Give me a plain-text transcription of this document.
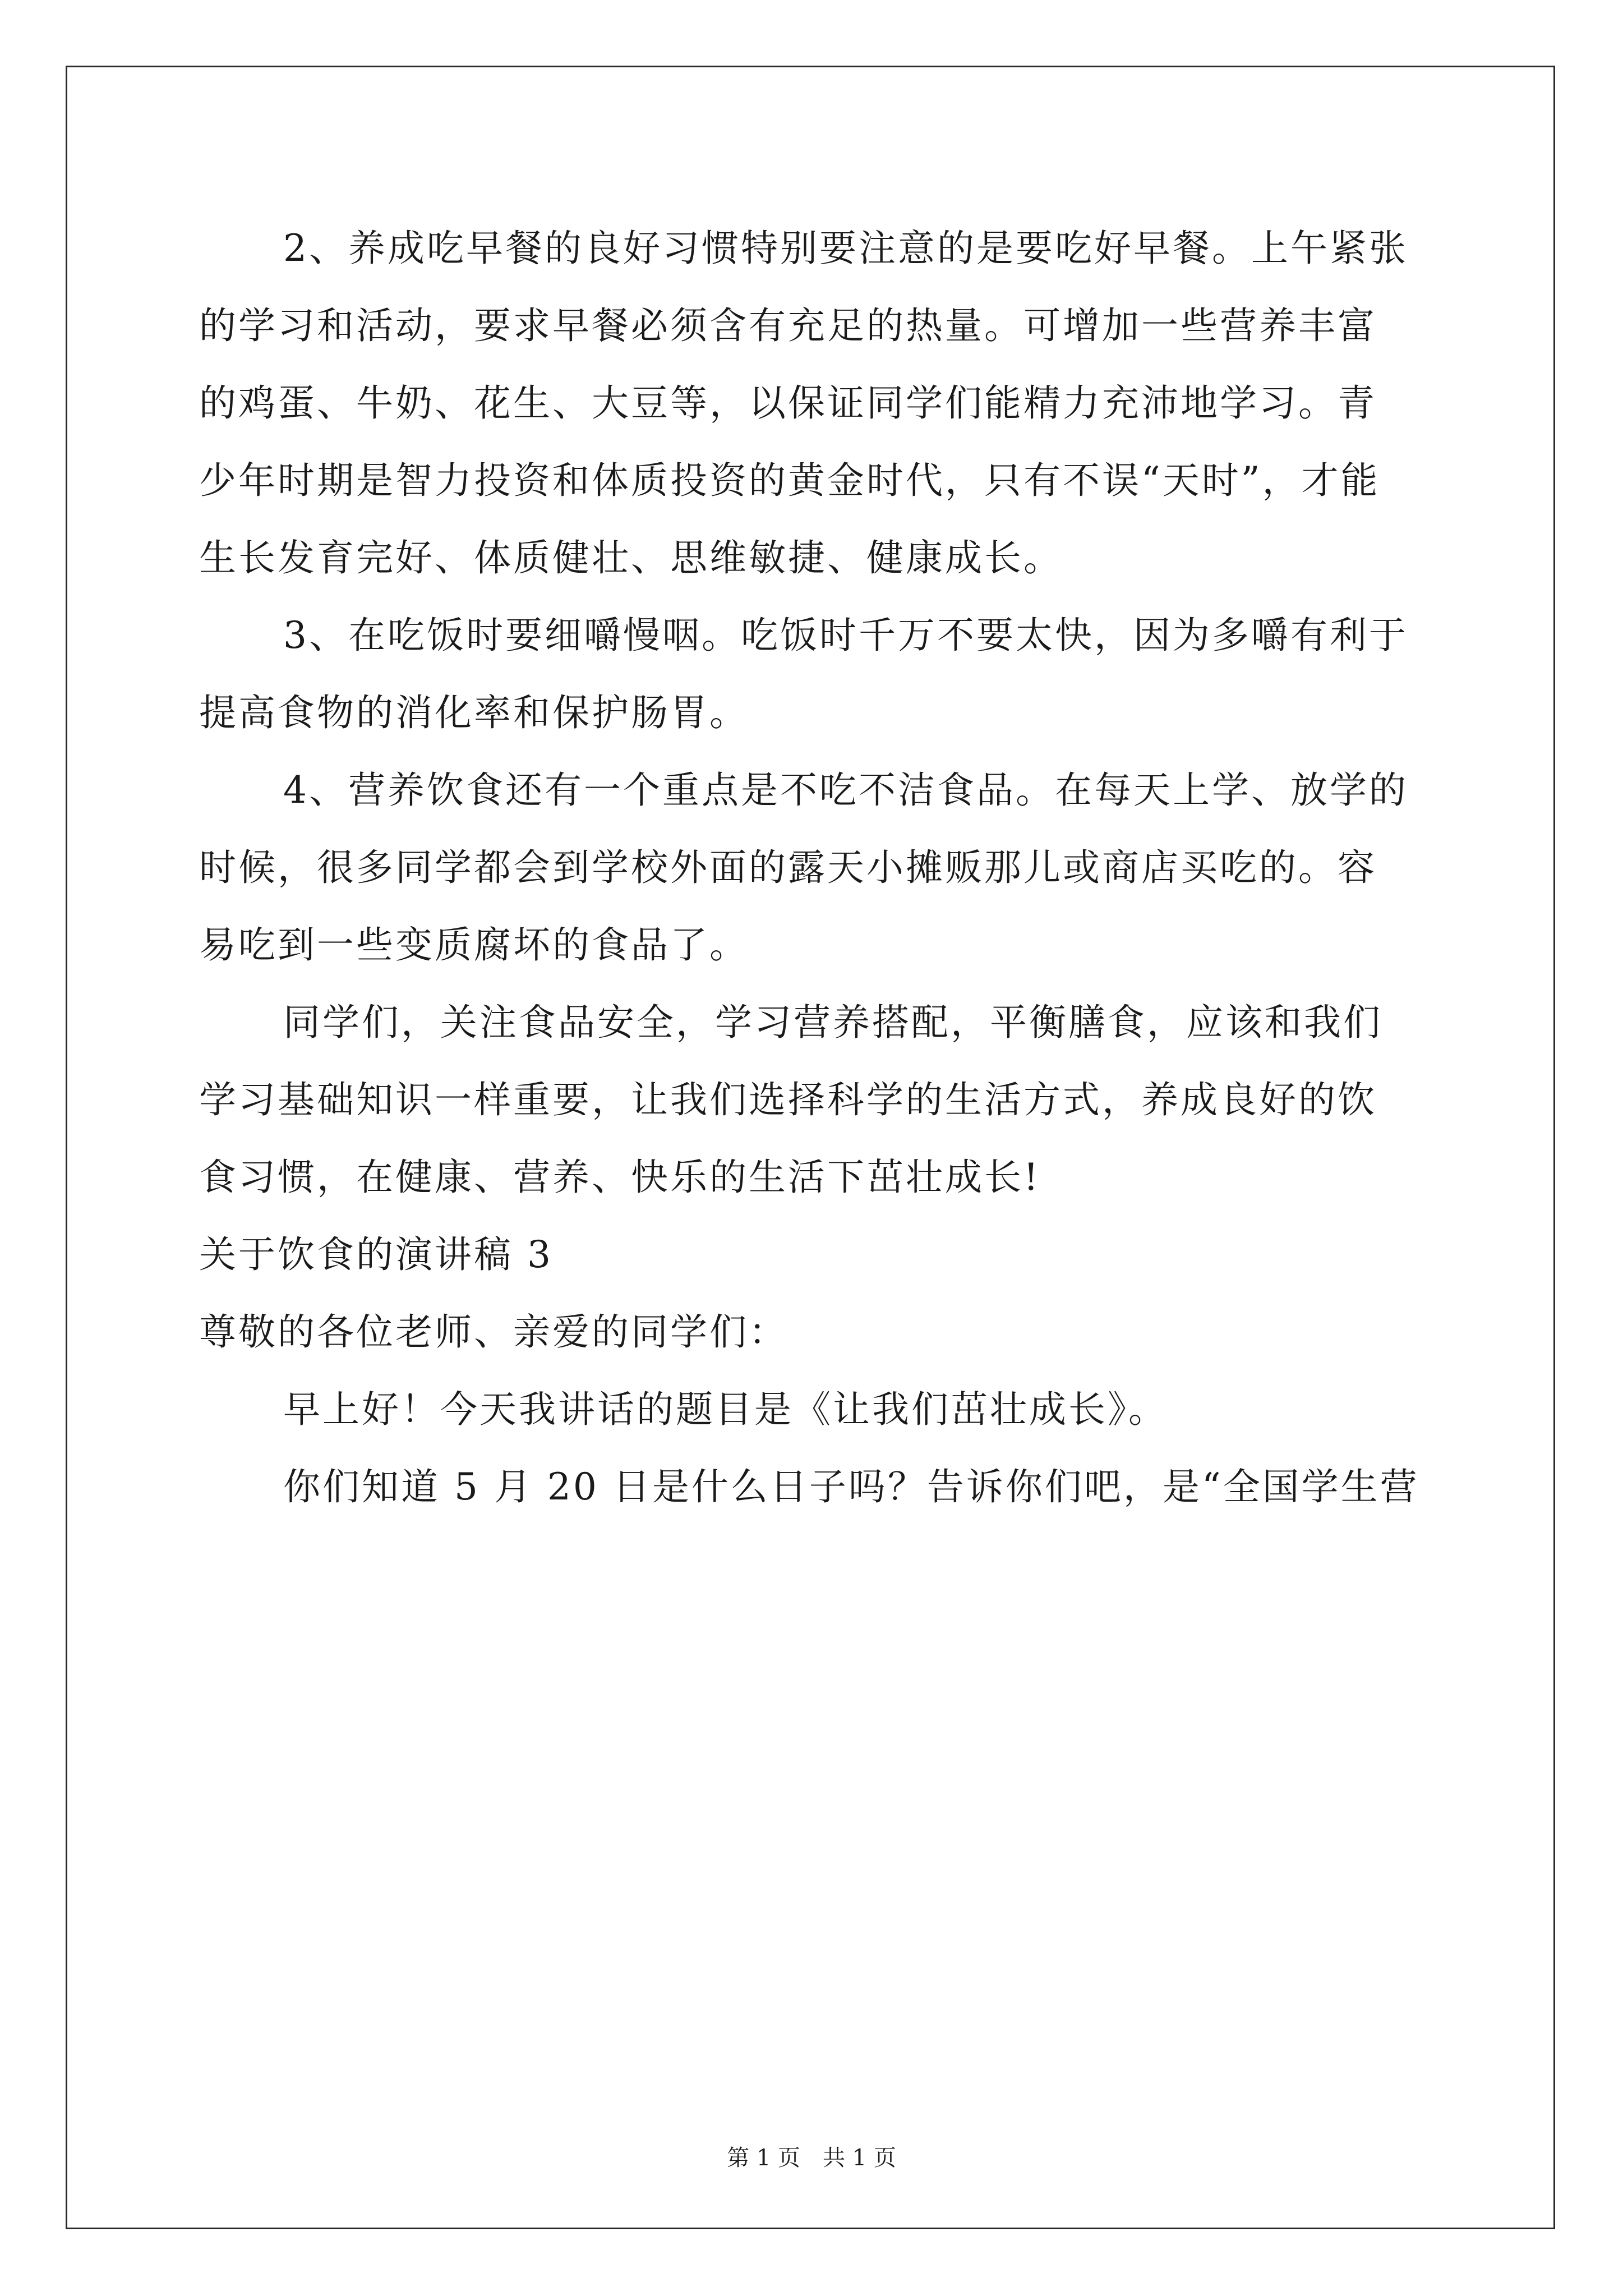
2、养成吃早餐的良好习惯特别要注意的是要吃好早餐。上午紧张
的学习和活动，要求早餐必须含有充足的热量。可增加一些营养丰富
的鸡蛋、牛奶、花生、大豆等，以保证同学们能精力充沛地学习。青
少年时期是智力投资和体质投资的黄金时代，只有不误“天时”，才能
生长发育完好、体质健壮、思维敏捷、健康成长。
3、在吃饭时要细嚼慢咽。吃饭时千万不要太快，因为多嚼有利于
提高食物的消化率和保护肠胃。
4、营养饮食还有一个重点是不吃不洁食品。在每天上学、放学的
时候，很多同学都会到学校外面的露天小摊贩那儿或商店买吃的。容
易吃到一些变质腐坏的食品了。
同学们，关注食品安全，学习营养搭配，平衡膳食，应该和我们
学习基础知识一样重要，让我们选择科学的生活方式，养成良好的饮
食习惯，在健康、营养、快乐的生活下茁壮成长!
关于饮食的演讲稿 3
尊敬的各位老师、亲爱的同学们：
早上好！今天我讲话的题目是《让我们茁壮成长》。
你们知道 5 月 20 日是什么日子吗？告诉你们吧，是“全国学生营
第 1 页 共 1 页
